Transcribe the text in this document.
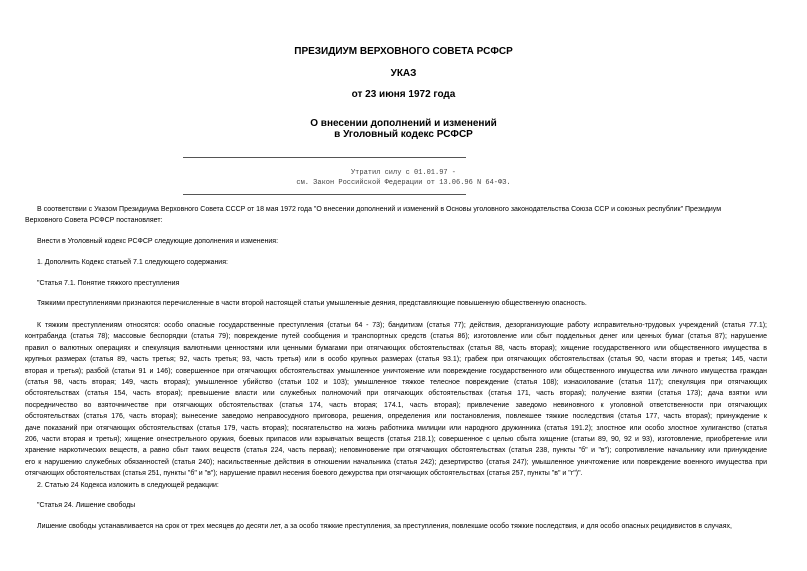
ПРЕЗИДИУМ ВЕРХОВНОГО СОВЕТА РСФСР
УКАЗ
от 23 июня 1972 года
О внесении дополнений и изменений
в Уголовный кодекс РСФСР
Утратил силу с 01.01.97 -
см. Закон Российской Федерации от 13.06.96 N 64-ФЗ.
В соответствии с Указом Президиума Верховного Совета СССР от 18 мая 1972 года "О внесении дополнений и изменений в Основы уголовного законодательства Союза ССР и союзных республик" Президиум
Верховного Совета РСФСР постановляет:
Внести в Уголовный кодекс РСФСР следующие дополнения и изменения:
1. Дополнить Кодекс статьей 7.1 следующего содержания:
"Статья 7.1. Понятие тяжкого преступления
Тяжкими преступлениями признаются перечисленные в части второй настоящей статьи умышленные деяния, представляющие повышенную общественную опасность.
К тяжким преступлениям относятся: особо опасные государственные преступления (статьи 64 - 73); бандитизм (статья 77); действия, дезорганизующие работу исправительно-трудовых учреждений (статья 77.1);
контрабанда (статья 78); массовые беспорядки (статья 79); повреждение путей сообщения и транспортных средств (статья 86); изготовление или сбыт поддельных денег или ценных бумаг (статья 87); нарушение
правил о валютных операциях и спекуляция валютными ценностями или ценными бумагами при отягчающих обстоятельствах (статья 88, часть вторая); хищение государственного или общественного имущества в
крупных размерах (статья 89, часть третья; 92, часть третья; 93, часть третья) или в особо крупных размерах (статья 93.1); грабеж при отягчающих обстоятельствах (статья 90, части вторая и третья; 145, части
вторая и третья); разбой (статьи 91 и 146); совершенное при отягчающих обстоятельствах умышленное уничтожение или повреждение государственного или общественного имущества или личного имущества граждан
(статья 98, часть вторая; 149, часть вторая); умышленное убийство (статьи 102 и 103); умышленное тяжкое телесное повреждение (статья 108); изнасилование (статья 117); спекуляция при отягчающих
обстоятельствах (статья 154, часть вторая); превышение власти или служебных полномочий при отягчающих обстоятельствах (статья 171, часть вторая); получение взятки (статья 173); дача взятки или
посредничество во взяточничестве при отягчающих обстоятельствах (статья 174, часть вторая; 174.1, часть вторая); привлечение заведомо невиновного к уголовной ответственности при отягчающих
обстоятельствах (статья 176, часть вторая); вынесение заведомо неправосудного приговора, решения, определения или постановления, повлекшее тяжкие последствия (статья 177, часть вторая); принуждение к
даче показаний при отягчающих обстоятельствах (статья 179, часть вторая); посягательство на жизнь работника милиции или народного дружинника (статья 191.2); злостное или особо злостное хулиганство (статья
206, части вторая и третья); хищение огнестрельного оружия, боевых припасов или взрывчатых веществ (статья 218.1); совершенное с целью сбыта хищение (статьи 89, 90, 92 и 93), изготовление, приобретение или
хранение наркотических веществ, а равно сбыт таких веществ (статья 224, часть первая); неповиновение при отягчающих обстоятельствах (статья 238, пункты "б" и "в"); сопротивление начальнику или принуждение
его к нарушению служебных обязанностей (статья 240); насильственные действия в отношении начальника (статья 242); дезертирство (статья 247); умышленное уничтожение или повреждение военного имущества при
отягчающих обстоятельствах (статья 251, пункты "б" и "в"); нарушение правил несения боевого дежурства при отягчающих обстоятельствах (статья 257, пункты "в" и "г")".
2. Статью 24 Кодекса изложить в следующей редакции:
"Статья 24. Лишение свободы
Лишение свободы устанавливается на срок от трех месяцев до десяти лет, а за особо тяжкие преступления, за преступления, повлекшие особо тяжкие последствия, и для особо опасных рецидивистов в случаях,
